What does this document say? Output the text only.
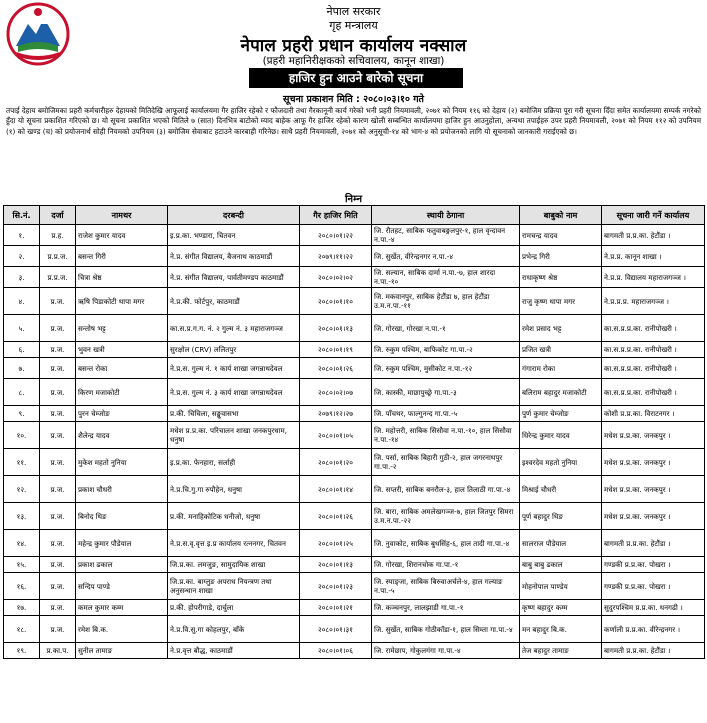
नेपाल सरकार
गृह मन्त्रालय
नेपाल प्रहरी प्रधान कार्यालय नक्साल
(प्रहरी महानिरीक्षकको सचिवालय, कानून शाखा)
हाजिर हुन आउने बारेको सूचना
सूचना प्रकाशन मिति : २०८०।०३।१० गते
तपाई देहाय बमोजिमका प्रहरी कर्मचारीहरु देहायको मितिदेखि आफूलाई कार्यालयमा गैर हाजिर रहेको र फौजदारी तथा गैरकानूनी कार्य गरेको भनी प्रहरी नियमावली, २०७१ को नियम ११६ को देहाय (२) बमोजिम प्रक्रिया पूरा गरी सूचना दिँदा समेत कार्यालयमा सम्पर्क नगरेको हुँदा यो सूचना प्रकाशित गरिएको छ। यो सूचना प्रकाशित भएको मितिले ७ (सात) दिनभित्र बाटोको म्याद बाहेक आफू गैर हाजिर रहेको कारण खोली सम्बन्धित कार्यालयमा हाजिर हुन आउनुहोला, अन्यथा तपाईहरु उपर प्रहरी नियमावली, २०७१ को नियम ११२ को उपनियम (१) को खण्ड (च) को प्रयोजनार्थ सोही नियमको उपनियम (३) बमोजिम सेवाबाट हटाउने कारबाही गरिनेछ। साथै प्रहरी नियमावली, २०७१ को अनुसूची-१४ को भाग-४ को प्रयोजनको लागि यो सूचनाको जानकारी गराईएको छ।
निम्न
सि.नं.	दर्जा	नामथर	दरबन्दी	गैर हाजिर मिति	स्थायी ठेगाना	बाबुको नाम	सूचना जारी गर्ने कार्यालय
१.	प्र.ह.	राजेश कुमार यादव	इ.प्र.का. भण्डारा, चितवन	२०८०।०१।२२	जि. रौतहट, साबिक फतुवाबङ्गलपुर-१, हाल वृन्दावन न.पा.-४	रामचन्द्र यादव	बागमती प्र.प्र.का. हेटौंडा ।
२.	प्र.प्र.ज.	बसन्त गिरी	ने.प्र. संगीत विद्यालय, बैजनाथ काठमाडौं	२०७९।११।२२	जि. सुर्खेत, वीरेन्द्रनगर न.पा.-४	प्रभेन्द्र गिरी	ने.प्र.प्र. कानून शाखा ।
३.	प्र.प्र.ज.	चित्रा श्रेष्ठ	ने.प्र. संगीत विद्यालय, पार्वतीमण्डप काठमाडौं	२०८०।०२।०२	जि. सल्यान, साबिक दार्मा न.पा.-७, हाल शारदा न.पा.-१०	राधाकृष्ण श्रेष्ठ	ने.प्र.प्र. विद्यालय महाराजगञ्ज ।
४.	प्र.ज.	ऋषि पिडाकोटी थापा मगर	ने.प्र.की. फोर्टपुर, काठमाडौं	२०८०।०१।१०	जि. मकवानपुर, साबिक हेटौंडा ७, हाल हेटौंडा उ.म.न.पा.-११	राजु कृष्ण थापा मगर	ने.प्र.प्र.प्र. महाराजगञ्ज ।
५.	प्र.ज.	सन्तोष भट्ट	का.स.प्र.ग.ग. नं. २ गुल्म नं. ३ महाराजगञ्ज	२०८०।०१।१३	जि. गोरखा, गोरखा न.पा.-१	रमेश प्रसाद भट्ट	का.स.प्र.प्र.का. रानीपोखरी ।
६.	प्र.ज.	भुवन खत्री	सुरक्षोल (CRV) ललितपुर	२०८०।०१।१९	जि. रुकुम पश्चिम, बाफिकोट गा.पा.-२	प्रजित खत्री	का.स.प्र.प्र.का. रानीपोखरी ।
७.	प्र.ज.	बसन्त रोका	ने.प्र.स. गुल्म नं. १ कार्य शाखा जगन्नाथदेवल	२०८०।०१।२६	जि. रुकुम पश्चिम, मुसीकोट न.पा.-१२	गंगाराम रोका	का.स.प्र.प्र.का. रानीपोखरी ।
८.	प्र.ज.	किरण मजाकोटी	ने.प्र.स. गुल्म नं. ३ कार्य शाखा जगन्नाथदेवल	२०८०।०२।०७	जि. कास्की, माछापुच्छ्रे गा.पा.-३	बलिराम बहादुर मजाकोटी	का.स.प्र.प्र.का. रानीपोखरी ।
९.	प्र.ज.	पुरन चेम्जोङ	प्र.की. चिचिला, सङ्खुवासभा	२०७९।१२।२७	जि. पाँचथर, फाल्गुनन्द गा.पा.-५	पुर्ण कुमार चेम्जोङ	कोशी प्र.प्र.का. विराटनगर ।
१०.	प्र.ज.	शैलेन्द्र यादव	मधेश प्र.प्र.का. परिचालन शाखा जनकपुरधाम, धनुषा	२०८०।०१।०५	जि. महोत्तरी, साबिक सिसौवा न.पा.-१०, हाल सिसौवा न.पा.-१४	धिरेन्द्र कुमार यादव	मधेश प्र.प्र.का. जनकपुर ।
११.	प्र.ज.	मुकेश महतो नुनिया	इ.प्र.का. फेनहारा, सर्लाही	२०८०।०१।२०	जि. पर्सा, साबिक बिहारी गुठी-२, हाल जगरनाथपुर गा.पा.-२	इश्वरदेव महतो नुनिया	मधेश प्र.प्र.का. जनकपुर ।
१२.	प्र.ज.	प्रकाश चौधरी	ने.प्र.चि.गु.गा रुपौहेन, धनुषा	२०८०।०१।१४	जि. सप्तरी, साबिक बनरौल-३, हाल तिलाठी गा.पा.-४	मिश्राई चौधरी	मधेश प्र.प्र.का. जनकपुर ।
१३.	प्र.ज.	बिनोद थिङ	प्र.की. मनाहिकोटिक धनीजो, धनुषा	२०८०।०१।२६	जि. बारा, साबिक अमलेखगञ्ज-७, हाल जितपुर सिमरा उ.म.न.पा.-२२	पूर्ण बहादुर थिङ	मधेश प्र.प्र.का. जनकपुर ।
१४.	प्र.ज.	महेन्द्र कुमार पौडेयाल	ने.प्र.स.वृ.वृत्त इ.प्र कार्यालय रत्ननगर, चितवन	२०८०।०१।२५	जि. नुवाकोट, साबिक बुधसिंह-६, हाल तादी गा.पा.-४	सालराज पौडेयाल	बागमती प्र.प्र.का. हेटौंडा ।
१५.	प्र.ज.	प्रकाश ढकाल	जि.प्र.का. लमजुङ, सामुदायिक शाखा	२०८०।०१।१३	जि. गोरखा, शिरानचोक गा.पा.-१	बाबु बाबु ढकाल	गण्डकी प्र.प्र.का. पोखरा ।
१६.	प्र.ज.	सन्दिप पाण्डे	जि.प्र.का. बाग्लुङ अपराध नियन्त्रण तथा अनुसन्धान शाखा	२०८०।०१।२३	जि. स्याङ्जा, साबिक बिरुवाअर्चले-४, हाल गल्याङ न.पा.-५	मोहनोपाल पाण्डेय	गण्डकी प्र.प्र.का. पोखरा ।
१७.	प्र.ज.	कमल कुमार कम्म	प्र.की. होपरीगाडे, दार्चुला	२०८०।०१।२१	जि. कञ्चनपुर, लालझाडी गा.पा.-१	कृष्ण बहादुर कम्म	सुदुरपश्चिम प्र.प्र.का. धनगढी ।
१८.	प्र.ज.	रमेश बि.क.	ने.प्र.वि.सु.गा कोहलपुर, बाँके	२०८०।०१।३१	जि. सुर्खेत, साबिक गोठीकाँडा-१, हाल सिम्ता गा.पा.-४	मन बहादुर बि.क.	कर्णाली प्र.प्र.का. वीरेन्द्रनगर ।
१९.	प्र.का.प.	सुनील तामाङ	ने.प्र.वृत्त बौद्ध, काठमाडौं	२०८०।०१।०६	जि. रामेछाप, गोकुलगंगा गा.पा.-४	तेज बहादुर तामाङ	बागमती प्र.प्र.का. हेटौंडा ।
